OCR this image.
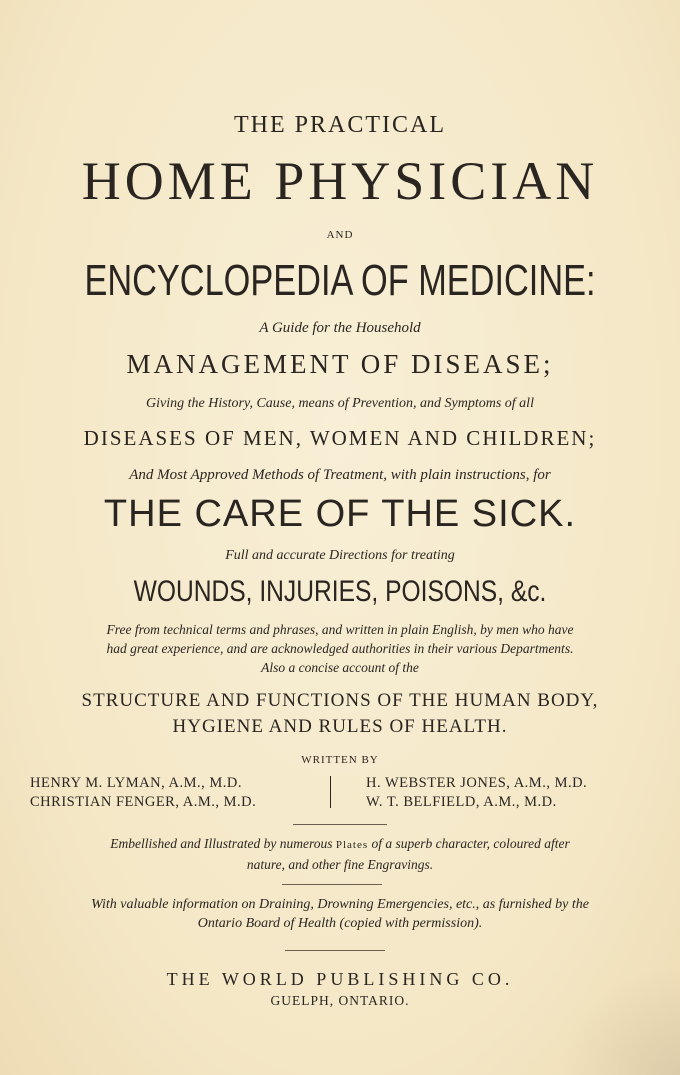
THE PRACTICAL
HOME PHYSICIAN
AND
ENCYCLOPEDIA OF MEDICINE:
A Guide for the Household
MANAGEMENT OF DISEASE;
Giving the History, Cause, means of Prevention, and Symptoms of all
DISEASES OF MEN, WOMEN AND CHILDREN;
And Most Approved Methods of Treatment, with plain instructions, for
THE CARE OF THE SICK.
Full and accurate Directions for treating
WOUNDS, INJURIES, POISONS, &c.
Free from technical terms and phrases, and written in plain English, by men who have
had great experience, and are acknowledged authorities in their various Departments.
Also a concise account of the
STRUCTURE AND FUNCTIONS OF THE HUMAN BODY,
HYGIENE AND RULES OF HEALTH.
WRITTEN BY
HENRY M. LYMAN, A.M., M.D.
CHRISTIAN FENGER, A.M., M.D.
H. WEBSTER JONES, A.M., M.D.
W. T. BELFIELD, A.M., M.D.
Embellished and Illustrated by numerous Plates of a superb character, coloured after
nature, and other fine Engravings.
With valuable information on Draining, Drowning Emergencies, etc., as furnished by the
Ontario Board of Health (copied with permission).
THE WORLD PUBLISHING CO.
GUELPH, ONTARIO.
